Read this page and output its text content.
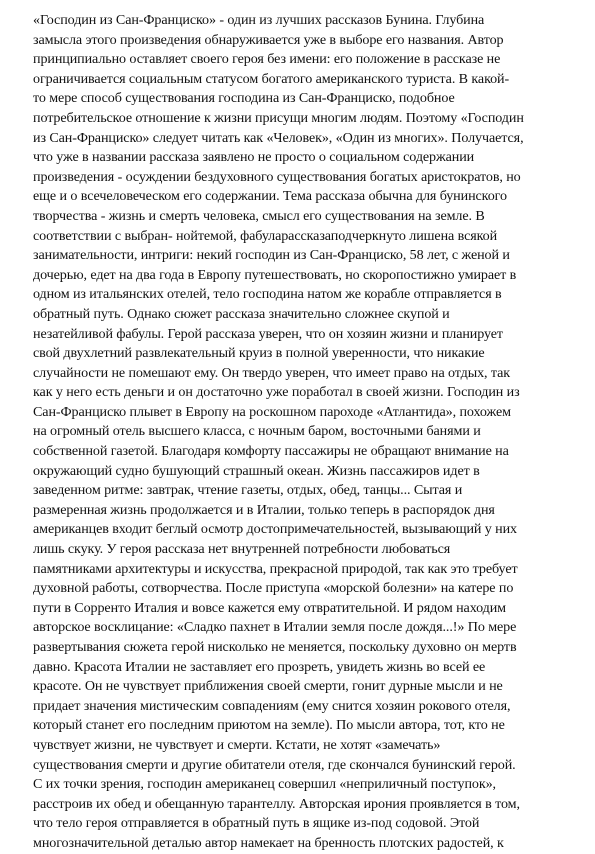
«Господин из Сан-Франциско» - один из лучших рассказов Бунина. Глубина
замысла этого произведения обнаруживается уже в выборе его названия. Автор
принципиально оставляет своего героя без имени: его положение в рассказе не
ограничивается социальным статусом богатого американского туриста. В какой-
то мере способ существования господина из Сан-Франциско, подобное
потребительское отношение к жизни присущи многим людям. Поэтому «Господин
из Сан-Франциско» следует читать как «Человек», «Один из многих». Получается,
что уже в названии рассказа заявлено не просто о социальном содержании
произведения - осуждении бездуховного существования богатых аристократов, но
еще и о всечеловеческом его содержании. Тема рассказа обычна для бунинского
творчества - жизнь и смерть человека, смысл его существования на земле. В
соответствии с выбран- нойтемой, фабуларассказаподчеркнуто лишена всякой
занимательности, интриги: некий господин из Сан-Франциско, 58 лет, с женой и
дочерью, едет на два года в Европу путешествовать, но скоропостижно умирает в
одном из итальянских отелей, тело господина натом же корабле отправляется в
обратный путь. Однако сюжет рассказа значительно сложнее скупой и
незатейливой фабулы. Герой рассказа уверен, что он хозяин жизни и планирует
свой двухлетний развлекательный круиз в полной уверенности, что никакие
случайности не помешают ему. Он твердо уверен, что имеет право на отдых, так
как у него есть деньги и он достаточно уже поработал в своей жизни. Господин из
Сан-Франциско плывет в Европу на роскошном пароходе «Атлантида», похожем
на огромный отель высшего класса, с ночным баром, восточными банями и
собственной газетой. Благодаря комфорту пассажиры не обращают внимание на
окружающий судно бушующий страшный океан. Жизнь пассажиров идет в
заведенном ритме: завтрак, чтение газеты, отдых, обед, танцы... Сытая и
размеренная жизнь продолжается и в Италии, только теперь в распорядок дня
американцев входит беглый осмотр достопримечательностей, вызывающий у них
лишь скуку. У героя рассказа нет внутренней потребности любоваться
памятниками архитектуры и искусства, прекрасной природой, так как это требует
духовной работы, сотворчества. После приступа «морской болезни» на катере по
пути в Сорренто Италия и вовсе кажется ему отвратительной. И рядом находим
авторское восклицание: «Сладко пахнет в Италии земля после дождя...!» По мере
развертывания сюжета герой нисколько не меняется, поскольку духовно он мертв
давно. Красота Италии не заставляет его прозреть, увидеть жизнь во всей ее
красоте. Он не чувствует приближения своей смерти, гонит дурные мысли и не
придает значения мистическим совпадениям (ему снится хозяин рокового отеля,
который станет его последним приютом на земле). По мысли автора, тот, кто не
чувствует жизни, не чувствует и смерти. Кстати, не хотят «замечать»
существования смерти и другие обитатели отеля, где скончался бунинский герой.
С их точки зрения, господин американец совершил «неприличный поступок»,
расстроив их обед и обещанную тарантеллу. Авторская ирония проявляется в том,
что тело героя отправляется в обратный путь в ящике из-под содовой. Этой
многозначительной деталью автор намекает на бренность плотских радостей, к
